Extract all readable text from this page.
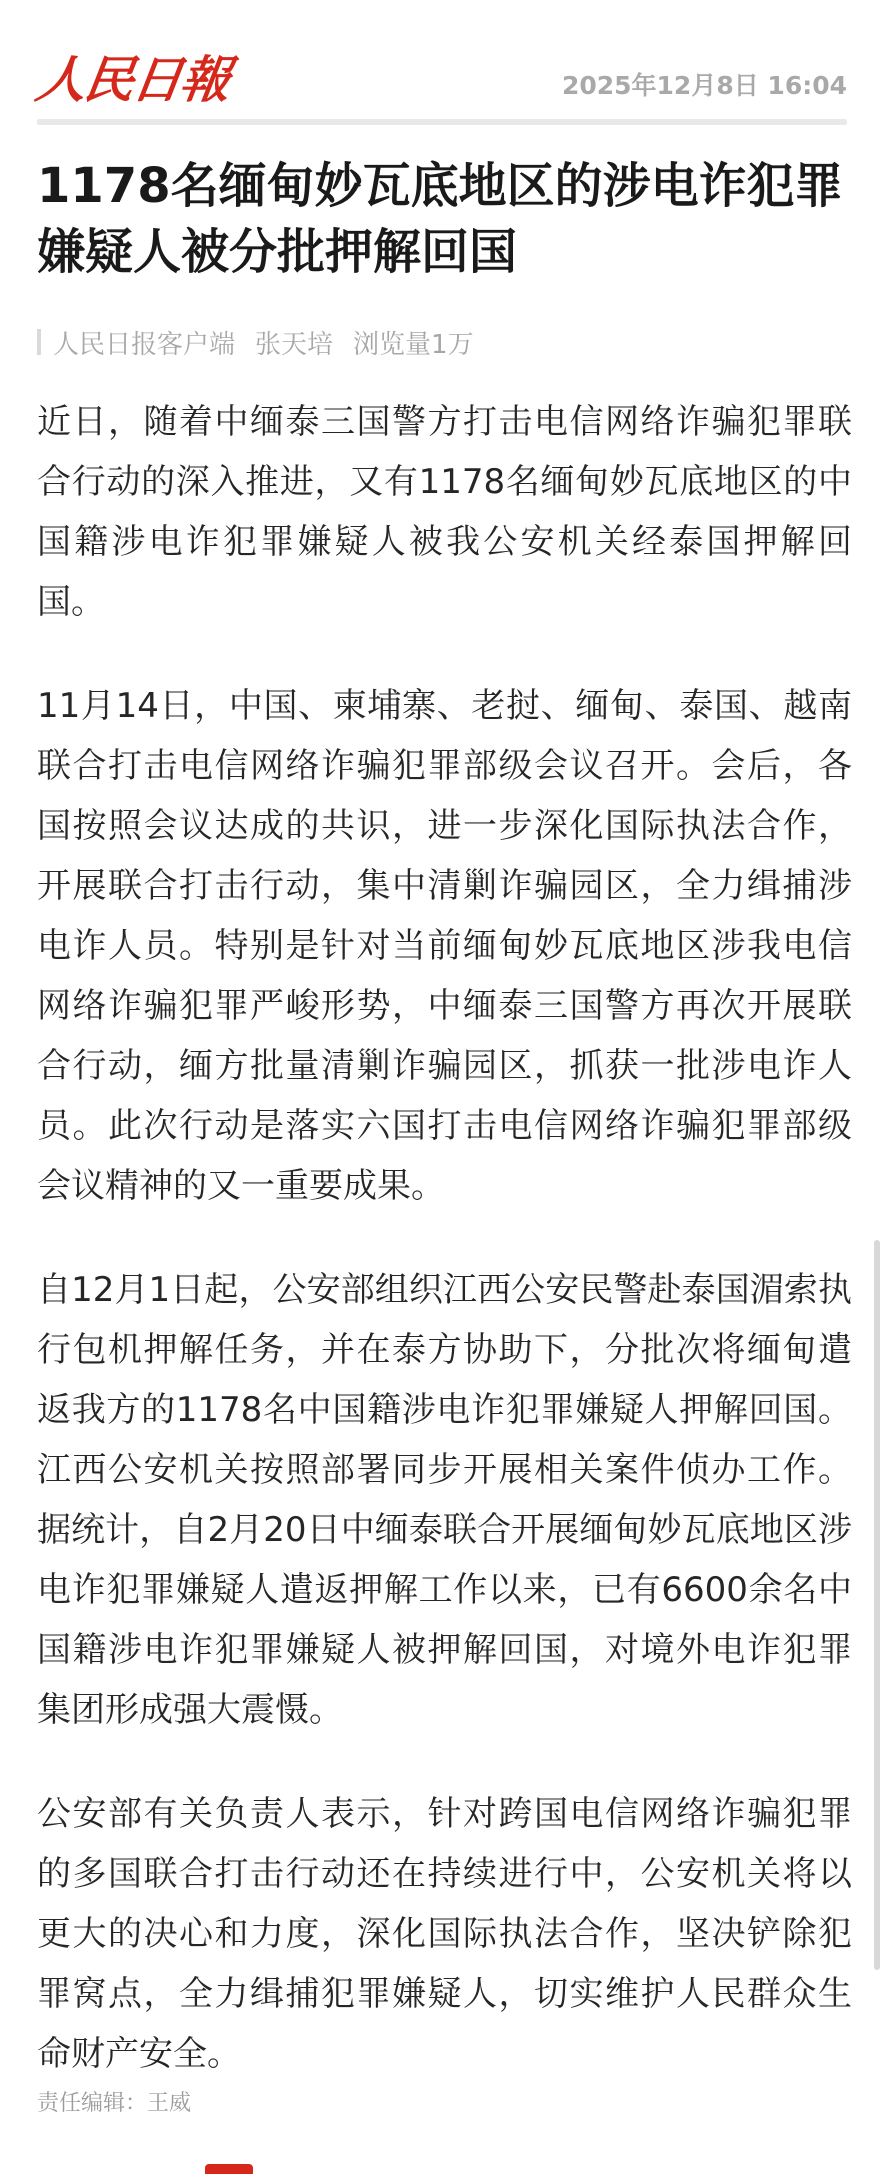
人民日報	2025年12月8日 16:04
1178名缅甸妙瓦底地区的涉电诈犯罪嫌疑人被分批押解回国
人民日报客户端 张天培 浏览量1万

近日，随着中缅泰三国警方打击电信网络诈骗犯罪联合行动的深入推进，又有1178名缅甸妙瓦底地区的中国籍涉电诈犯罪嫌疑人被我公安机关经泰国押解回国。

11月14日，中国、柬埔寨、老挝、缅甸、泰国、越南联合打击电信网络诈骗犯罪部级会议召开。会后，各国按照会议达成的共识，进一步深化国际执法合作，开展联合打击行动，集中清剿诈骗园区，全力缉捕涉电诈人员。特别是针对当前缅甸妙瓦底地区涉我电信网络诈骗犯罪严峻形势，中缅泰三国警方再次开展联合行动，缅方批量清剿诈骗园区，抓获一批涉电诈人员。此次行动是落实六国打击电信网络诈骗犯罪部级会议精神的又一重要成果。

自12月1日起，公安部组织江西公安民警赴泰国湄索执行包机押解任务，并在泰方协助下，分批次将缅甸遣返我方的1178名中国籍涉电诈犯罪嫌疑人押解回国。江西公安机关按照部署同步开展相关案件侦办工作。据统计，自2月20日中缅泰联合开展缅甸妙瓦底地区涉电诈犯罪嫌疑人遣返押解工作以来，已有6600余名中国籍涉电诈犯罪嫌疑人被押解回国，对境外电诈犯罪集团形成强大震慑。

公安部有关负责人表示，针对跨国电信网络诈骗犯罪的多国联合打击行动还在持续进行中，公安机关将以更大的决心和力度，深化国际执法合作，坚决铲除犯罪窝点，全力缉捕犯罪嫌疑人，切实维护人民群众生命财产安全。

责任编辑：王威
